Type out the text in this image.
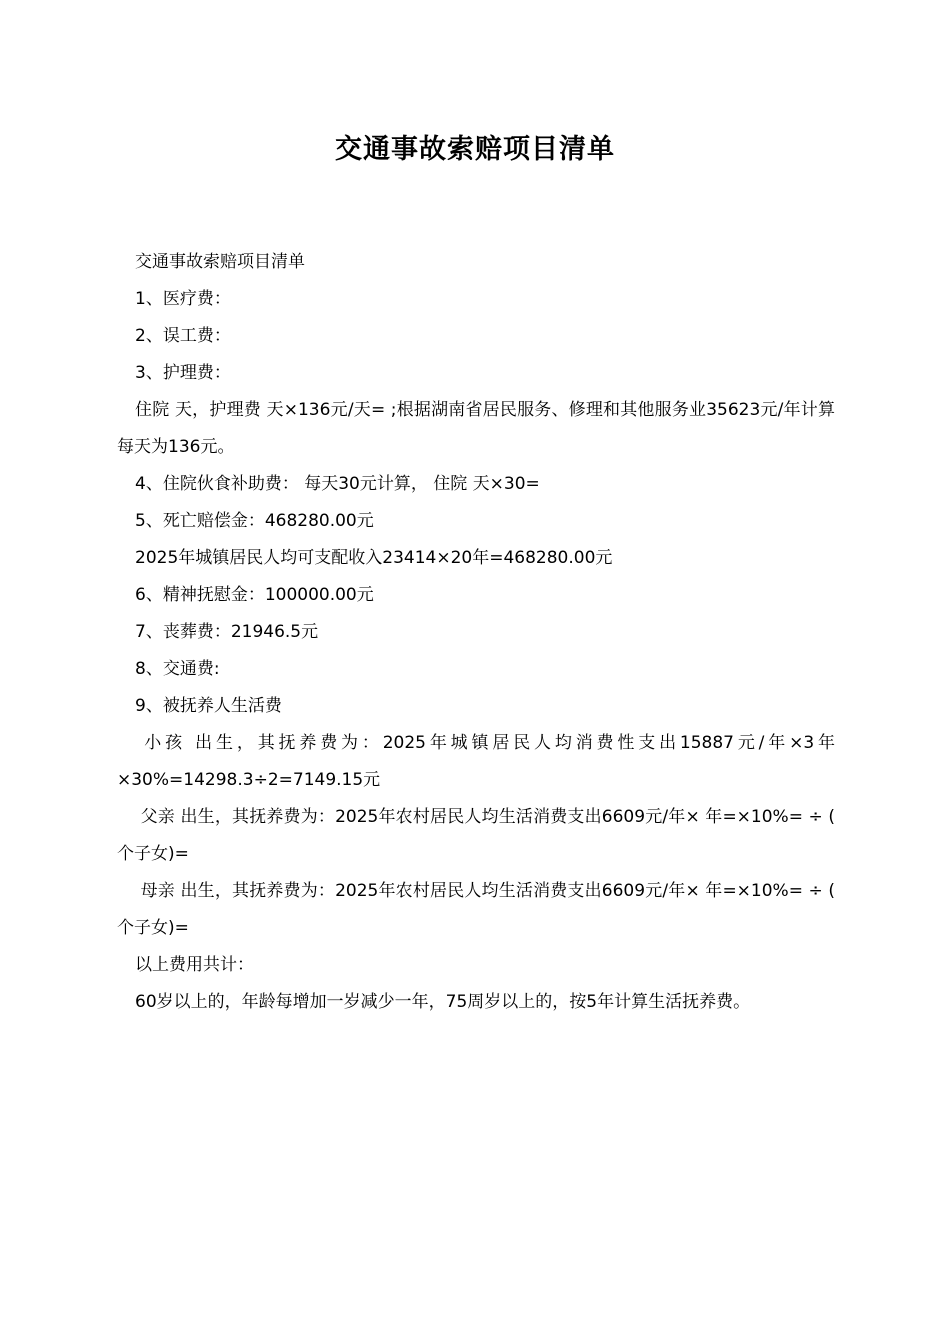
交通事故索赔项目清单

交通事故索赔项目清单

1、医疗费：

2、误工费：

3、护理费：

住院 天，护理费 天×136元/天= ;根据湖南省居民服务、修理和其他服务业35623元/年计算每天为136元。

4、住院伙食补助费： 每天30元计算， 住院 天×30=

5、死亡赔偿金：468280.00元

2025年城镇居民人均可支配收入23414×20年=468280.00元

6、精神抚慰金：100000.00元

7、丧葬费：21946.5元

8、交通费:

9、被抚养人生活费

小孩 出生，其抚养费为：2025年城镇居民人均消费性支出15887元/年×3年×30%=14298.3÷2=7149.15元

父亲 出生，其抚养费为：2025年农村居民人均生活消费支出6609元/年× 年=×10%= ÷ ( 个子女)=

母亲 出生，其抚养费为：2025年农村居民人均生活消费支出6609元/年× 年=×10%= ÷ ( 个子女)=

以上费用共计：

60岁以上的，年龄每增加一岁减少一年，75周岁以上的，按5年计算生活抚养费。
